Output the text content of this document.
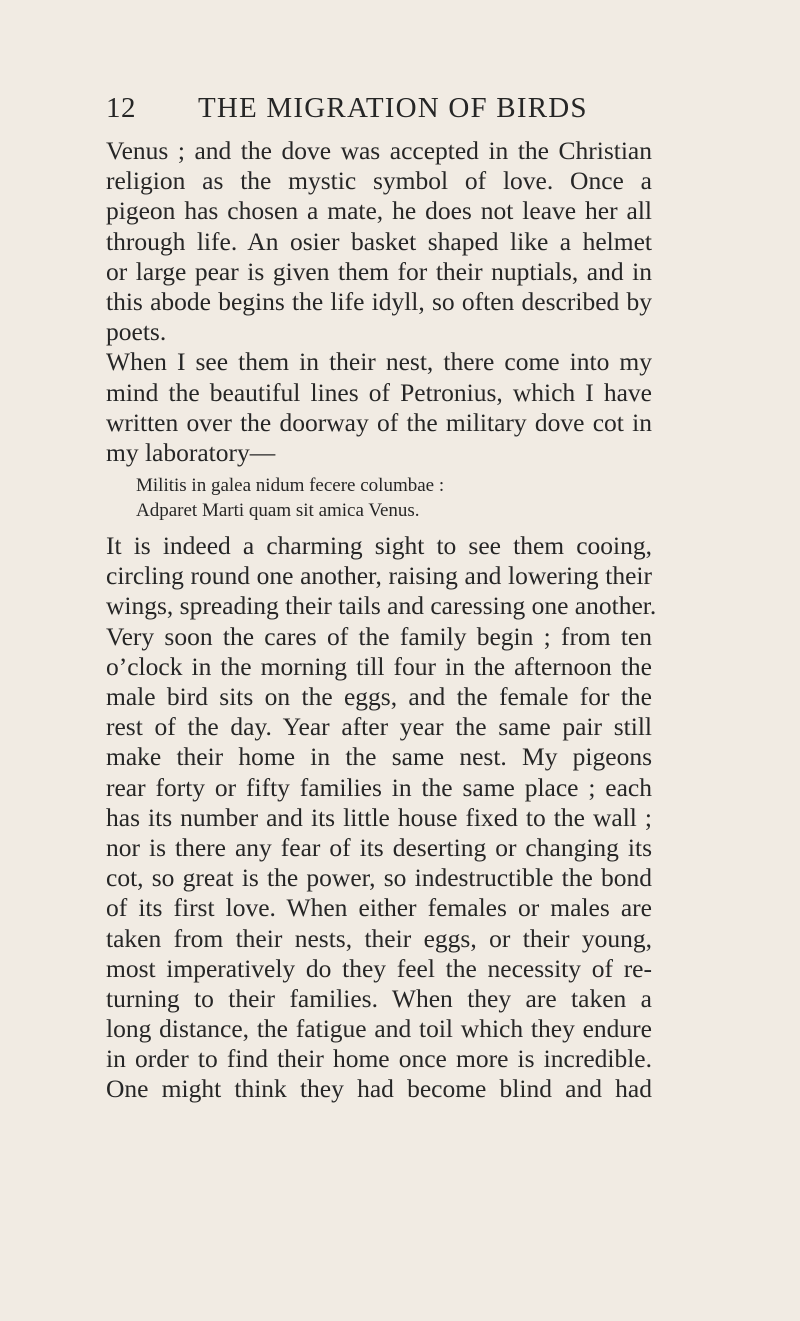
12	THE MIGRATION OF BIRDS
Venus ; and the dove was accepted in the Christian
religion as the mystic symbol of love. Once a
pigeon has chosen a mate, he does not leave her all
through life. An osier basket shaped like a helmet
or large pear is given them for their nuptials, and in
this abode begins the life idyll, so often described by
poets.
When I see them in their nest, there come into my
mind the beautiful lines of Petronius, which I have
written over the doorway of the military dove cot in
my laboratory—
Militis in galea nidum fecere columbae :
Adparet Marti quam sit amica Venus.
It is indeed a charming sight to see them cooing,
circling round one another, raising and lowering their
wings, spreading their tails and caressing one another.
Very soon the cares of the family begin ; from ten
o’clock in the morning till four in the afternoon the
male bird sits on the eggs, and the female for the
rest of the day. Year after year the same pair still
make their home in the same nest. My pigeons
rear forty or fifty families in the same place ; each
has its number and its little house fixed to the wall ;
nor is there any fear of its deserting or changing its
cot, so great is the power, so indestructible the bond
of its first love. When either females or males are
taken from their nests, their eggs, or their young,
most imperatively do they feel the necessity of re-
turning to their families. When they are taken a
long distance, the fatigue and toil which they endure
in order to find their home once more is incredible.
One might think they had become blind and had
